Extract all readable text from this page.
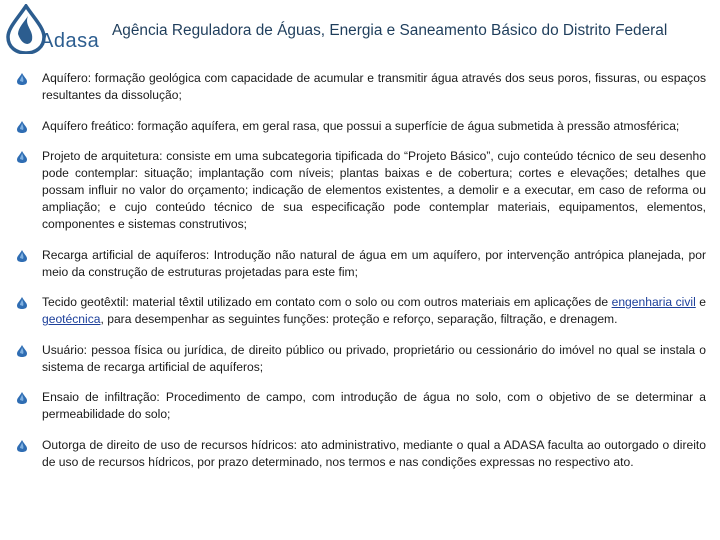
Adasa Agência Reguladora de Águas, Energia e Saneamento Básico do Distrito Federal
Aquífero: formação geológica com capacidade de acumular e transmitir água através dos seus poros, fissuras, ou espaços resultantes da dissolução;
Aquífero freático: formação aquífera, em geral rasa, que possui a superfície de água submetida à pressão atmosférica;
Projeto de arquitetura: consiste em uma subcategoria tipificada do “Projeto Básico”, cujo conteúdo técnico de seu desenho pode contemplar: situação; implantação com níveis; plantas baixas e de cobertura; cortes e elevações; detalhes que possam influir no valor do orçamento; indicação de elementos existentes, a demolir e a executar, em caso de reforma ou ampliação; e cujo conteúdo técnico de sua especificação pode contemplar materiais, equipamentos, elementos, componentes e sistemas construtivos;
Recarga artificial de aquíferos: Introdução não natural de água em um aquífero, por intervenção antrópica planejada, por meio da construção de estruturas projetadas para este fim;
Tecido geotêxtil: material têxtil utilizado em contato com o solo ou com outros materiais em aplicações de engenharia civil e geotécnica, para desempenhar as seguintes funções: proteção e reforço, separação, filtração, e drenagem.
Usuário: pessoa física ou jurídica, de direito público ou privado, proprietário ou cessionário do imóvel no qual se instala o sistema de recarga artificial de aquíferos;
Ensaio de infiltração: Procedimento de campo, com introdução de água no solo, com o objetivo de se determinar a permeabilidade do solo;
Outorga de direito de uso de recursos hídricos: ato administrativo, mediante o qual a ADASA faculta ao outorgado o direito de uso de recursos hídricos, por prazo determinado, nos termos e nas condições expressas no respectivo ato.
